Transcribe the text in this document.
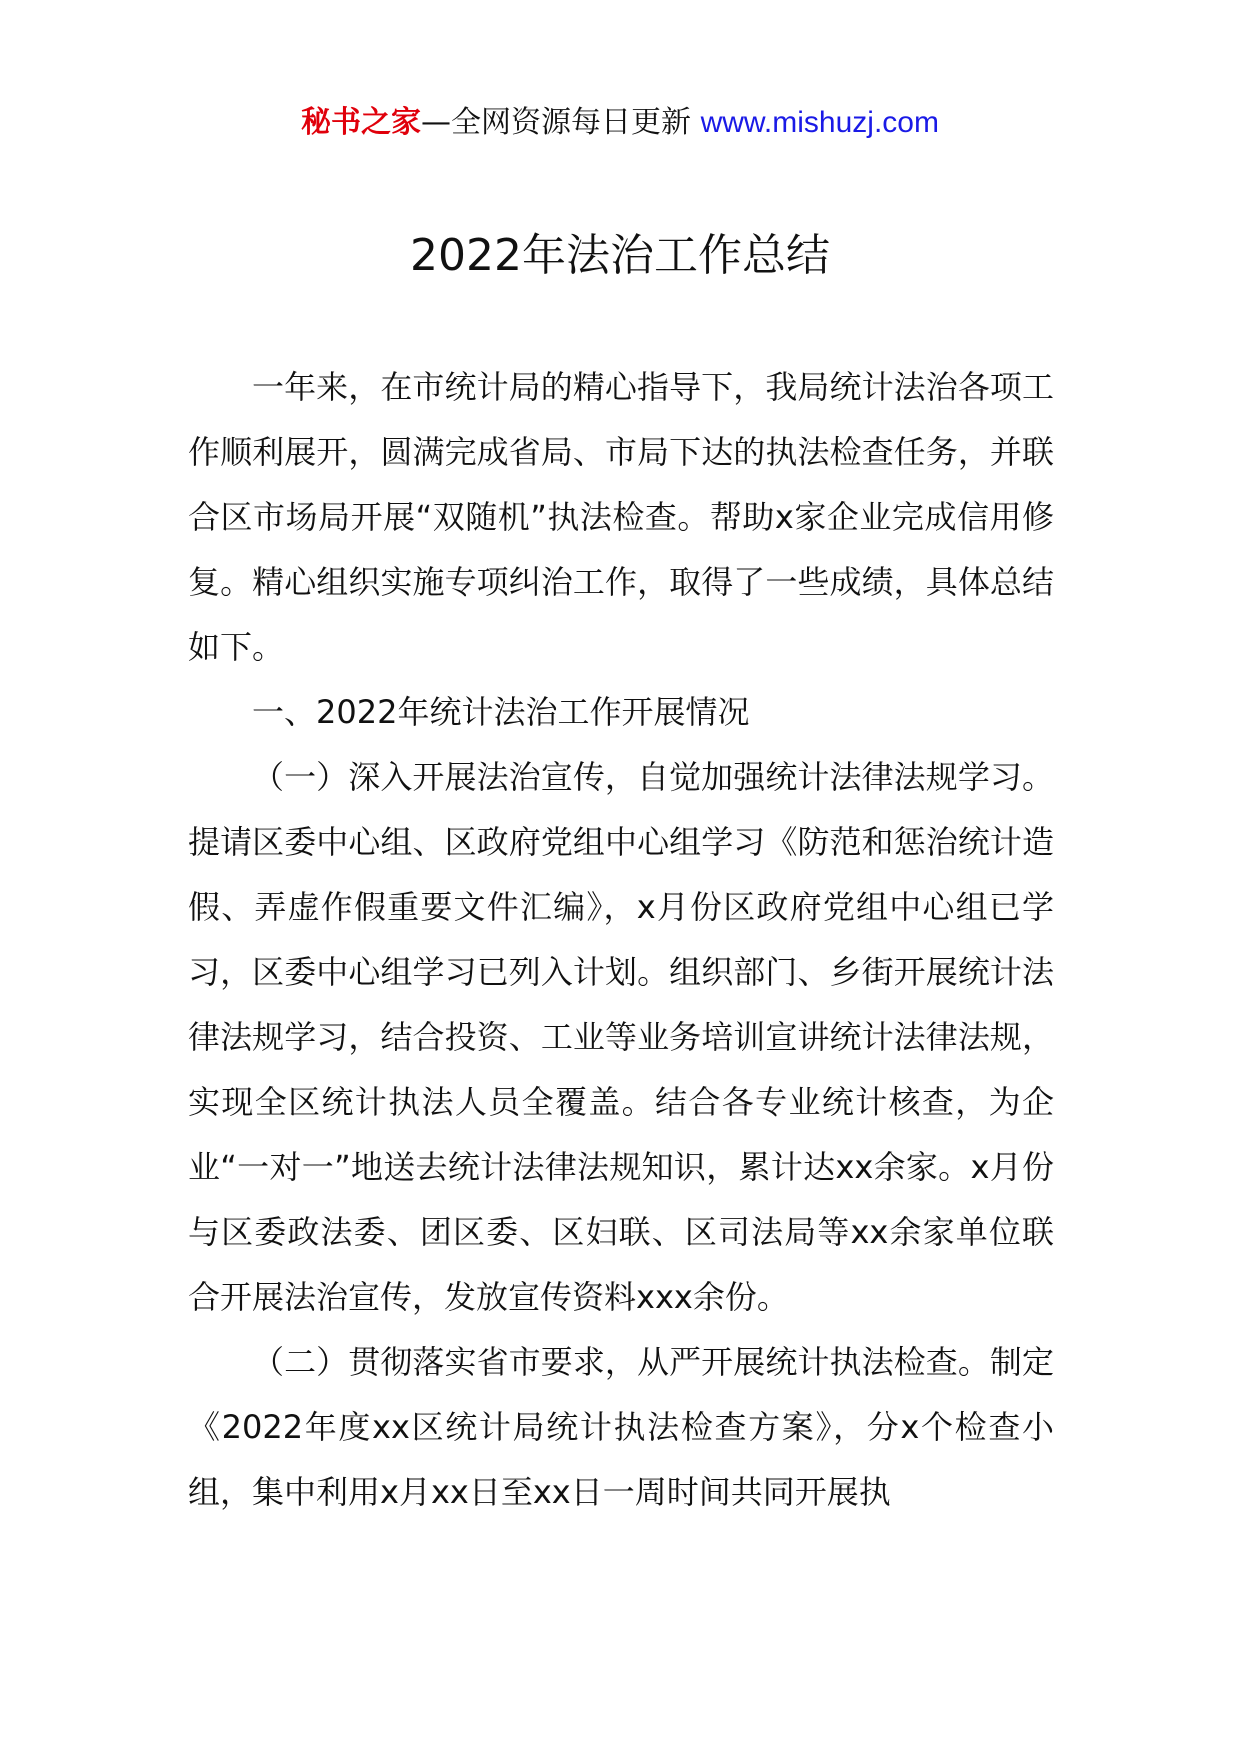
秘书之家—全网资源每日更新 www.mishuzj.com
2022年法治工作总结

一年来，在市统计局的精心指导下，我局统计法治各项工作顺利展开，圆满完成省局、市局下达的执法检查任务，并联合区市场局开展“双随机”执法检查。帮助x家企业完成信用修复。精心组织实施专项纠治工作，取得了一些成绩，具体总结如下。

一、2022年统计法治工作开展情况

（一）深入开展法治宣传，自觉加强统计法律法规学习。提请区委中心组、区政府党组中心组学习《防范和惩治统计造假、弄虚作假重要文件汇编》，x月份区政府党组中心组已学习，区委中心组学习已列入计划。组织部门、乡街开展统计法律法规学习，结合投资、工业等业务培训宣讲统计法律法规，实现全区统计执法人员全覆盖。结合各专业统计核查，为企业“一对一”地送去统计法律法规知识，累计达xx余家。x月份与区委政法委、团区委、区妇联、区司法局等xx余家单位联合开展法治宣传，发放宣传资料xxx余份。

（二）贯彻落实省市要求，从严开展统计执法检查。制定《2022年度xx区统计局统计执法检查方案》，分x个检查小组，集中利用x月xx日至xx日一周时间共同开展执
